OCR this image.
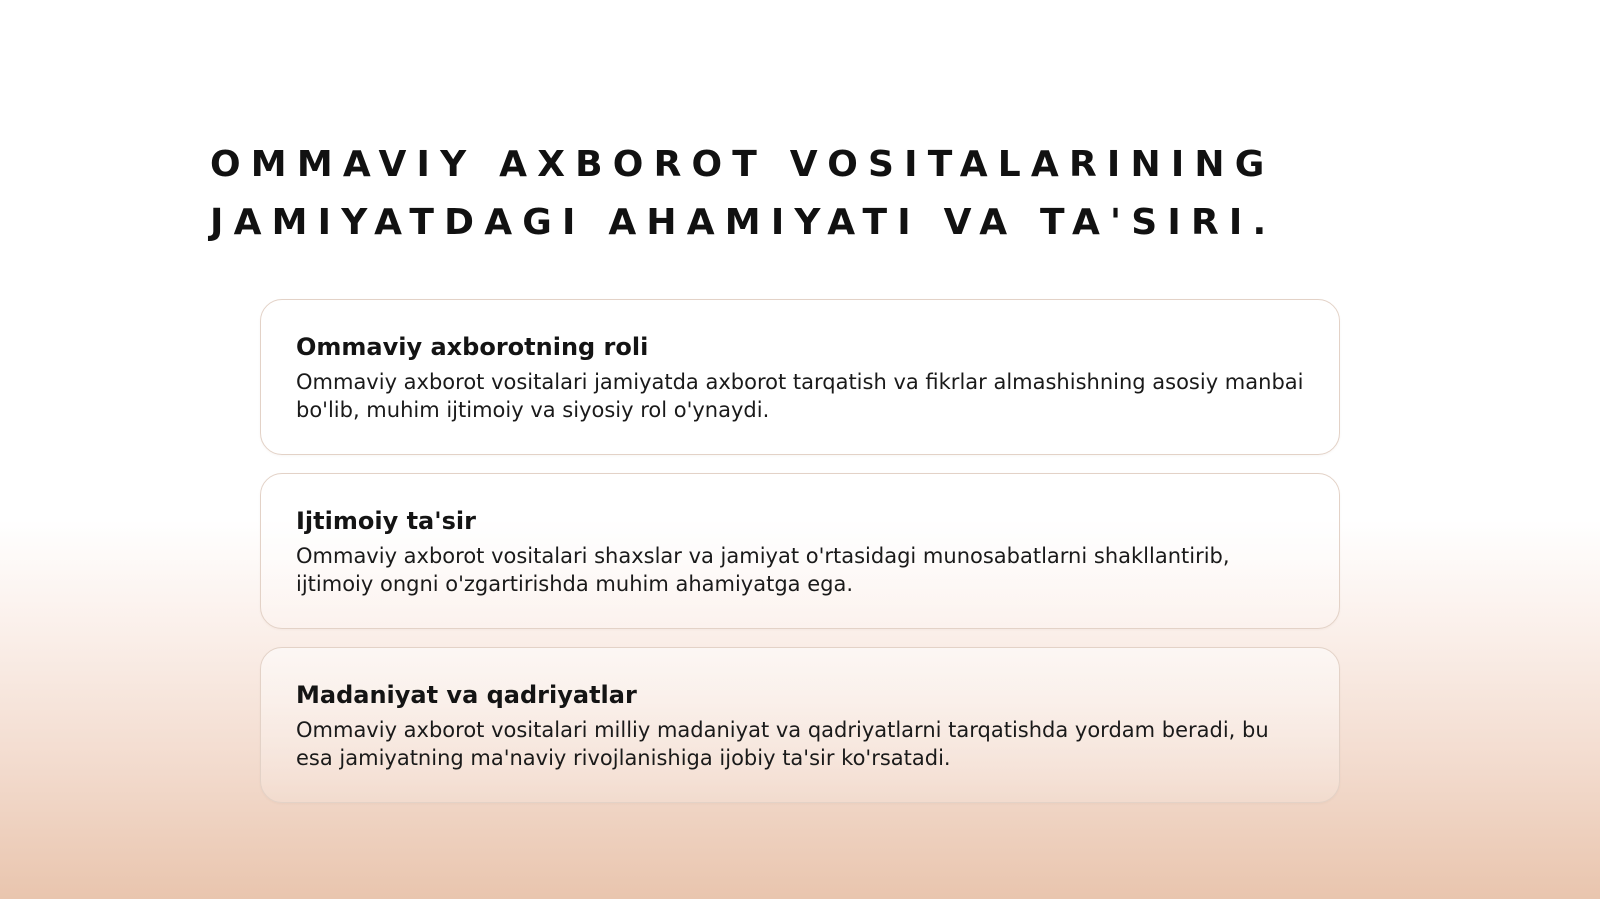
OMMAVIY AXBOROT VOSITALARINING JAMIYATDAGI AHAMIYATI VA TA'SIRI.
Ommaviy axborotning roli

Ommaviy axborot vositalari jamiyatda axborot tarqatish va fikrlar almashishning asosiy manbai bo'lib, muhim ijtimoiy va siyosiy rol o'ynaydi.

Ijtimoiy ta'sir

Ommaviy axborot vositalari shaxslar va jamiyat o'rtasidagi munosabatlarni shakllantirib, ijtimoiy ongni o'zgartirishda muhim ahamiyatga ega.

Madaniyat va qadriyatlar

Ommaviy axborot vositalari milliy madaniyat va qadriyatlarni tarqatishda yordam beradi, bu esa jamiyatning ma'naviy rivojlanishiga ijobiy ta'sir ko'rsatadi.
